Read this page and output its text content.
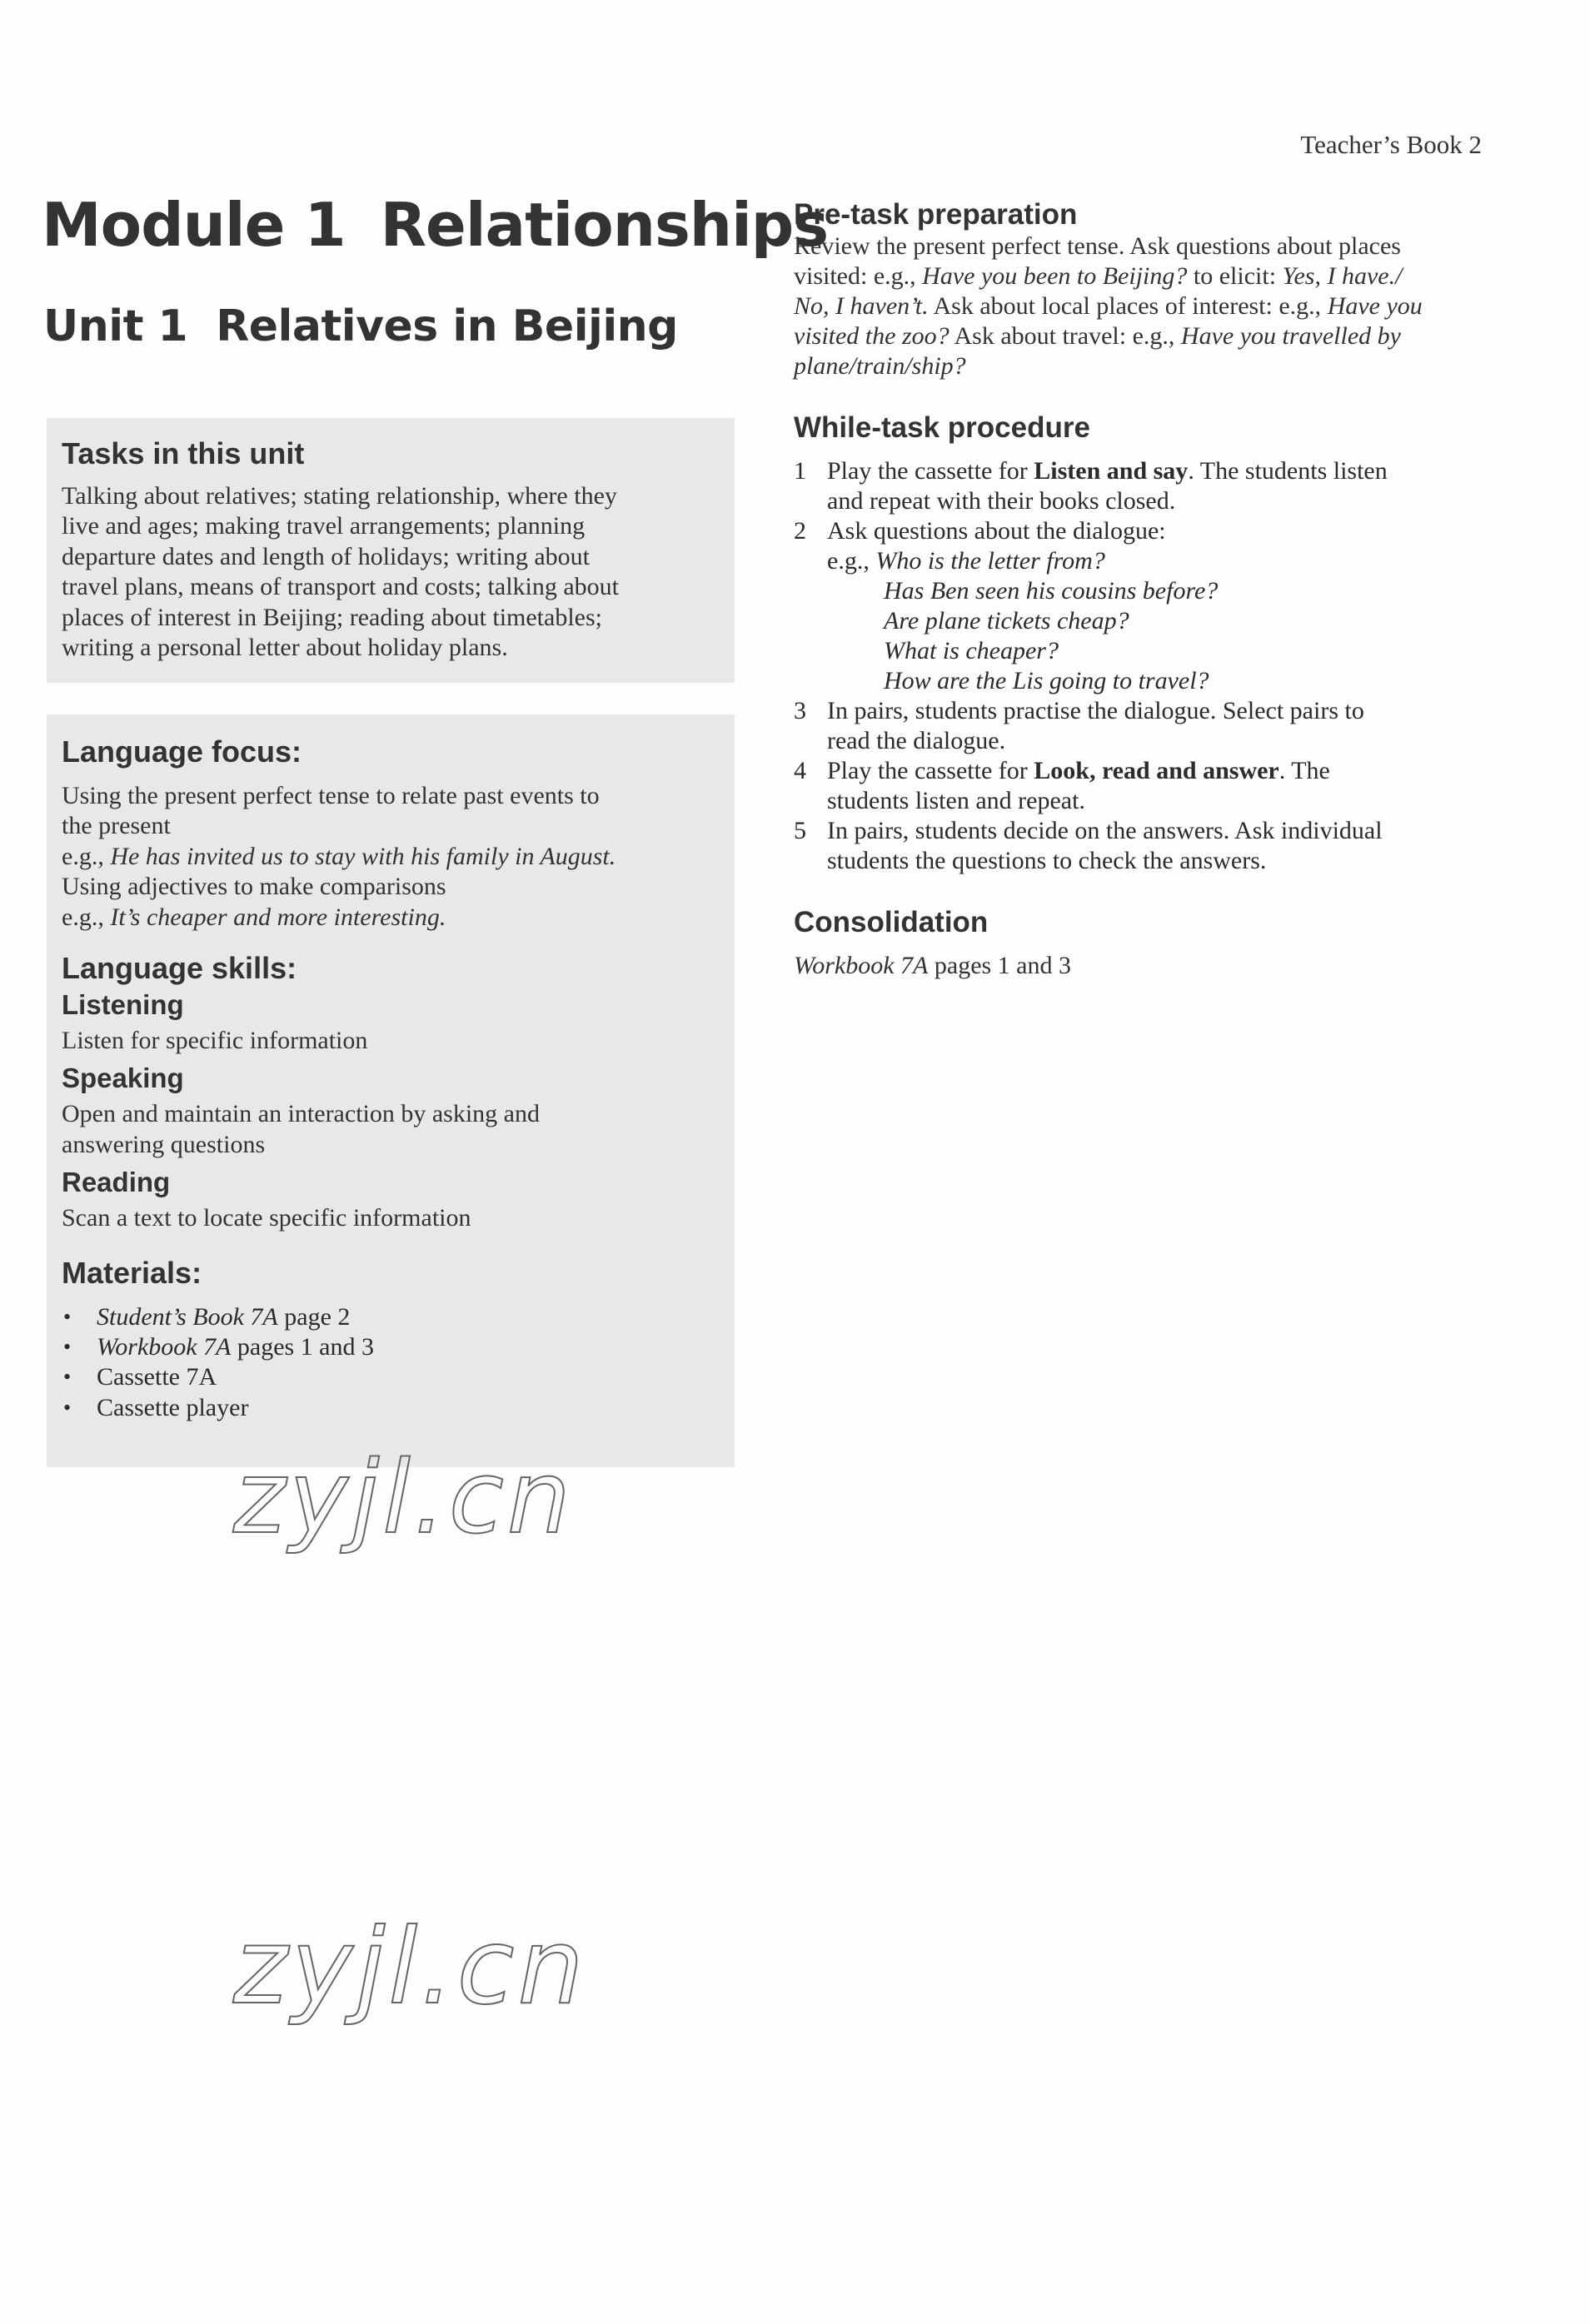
Teacher’s Book 2
Module 1 Relationships
Unit 1 Relatives in Beijing
Tasks in this unit

Talking about relatives; stating relationship, where they

live and ages; making travel arrangements; planning

departure dates and length of holidays; writing about

travel plans, means of transport and costs; talking about

places of interest in Beijing; reading about timetables;

writing a personal letter about holiday plans.

Language focus:

Using the present perfect tense to relate past events to

the present

e.g., He has invited us to stay with his family in August.

Using adjectives to make comparisons

e.g., It’s cheaper and more interesting.

Language skills:
Listening

Listen for specific information

Speaking

Open and maintain an interaction by asking and

answering questions

Reading

Scan a text to locate specific information

Materials:
• Student’s Book 7A page 2
• Workbook 7A pages 1 and 3
• Cassette 7A
• Cassette player
Pre-task preparation

Review the present perfect tense. Ask questions about places

visited: e.g., Have you been to Beijing? to elicit: Yes, I have./

No, I haven’t. Ask about local places of interest: e.g., Have you

visited the zoo? Ask about travel: e.g., Have you travelled by

plane/train/ship?

While-task procedure
1 Play the cassette for Listen and say. The students listen
and repeat with their books closed.
2 Ask questions about the dialogue:
e.g., Who is the letter from?
Has Ben seen his cousins before?
Are plane tickets cheap?
What is cheaper?
How are the Lis going to travel?
3 In pairs, students practise the dialogue. Select pairs to
read the dialogue.
4 Play the cassette for Look, read and answer. The
students listen and repeat.
5 In pairs, students decide on the answers. Ask individual
students the questions to check the answers.
Consolidation

Workbook 7A pages 1 and 3

zyjl.cn
zyjl.cn
